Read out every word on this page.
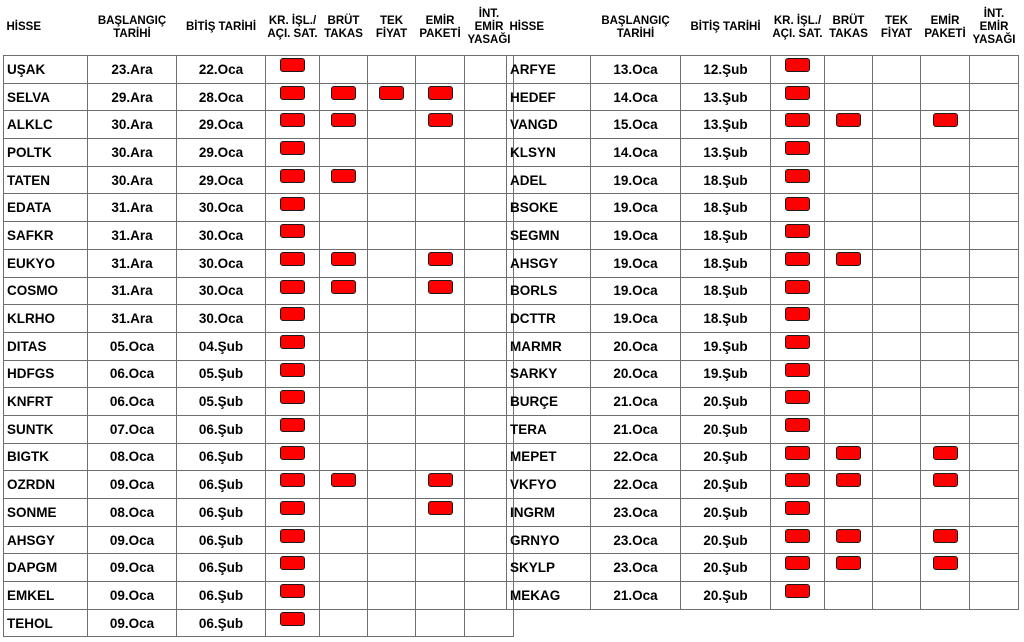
HİSSE	BAŞLANGIÇ TARİHİ	BİTİŞ TARİHİ	KR. İŞL./ AÇI. SAT.	BRÜT TAKAS	TEK FİYAT	EMİR PAKETİ	İNT. EMİR YASAĞI
UŞAK	23.Ara	22.Oca					
SELVA	29.Ara	28.Oca					
ALKLC	30.Ara	29.Oca					
POLTK	30.Ara	29.Oca					
TATEN	30.Ara	29.Oca					
EDATA	31.Ara	30.Oca					
SAFKR	31.Ara	30.Oca					
EUKYO	31.Ara	30.Oca					
COSMO	31.Ara	30.Oca					
KLRHO	31.Ara	30.Oca					
DITAS	05.Oca	04.Şub					
HDFGS	06.Oca	05.Şub					
KNFRT	06.Oca	05.Şub					
SUNTK	07.Oca	06.Şub					
BIGTK	08.Oca	06.Şub					
OZRDN	09.Oca	06.Şub					
SONME	08.Oca	06.Şub					
AHSGY	09.Oca	06.Şub					
DAPGM	09.Oca	06.Şub					
EMKEL	09.Oca	06.Şub					
TEHOL	09.Oca	06.Şub					
HİSSE	BAŞLANGIÇ TARİHİ	BİTİŞ TARİHİ	KR. İŞL./ AÇI. SAT.	BRÜT TAKAS	TEK FİYAT	EMİR PAKETİ	İNT. EMİR YASAĞI
ARFYE	13.Oca	12.Şub					
HEDEF	14.Oca	13.Şub					
VANGD	15.Oca	13.Şub					
KLSYN	14.Oca	13.Şub					
ADEL	19.Oca	18.Şub					
BSOKE	19.Oca	18.Şub					
SEGMN	19.Oca	18.Şub					
AHSGY	19.Oca	18.Şub					
BORLS	19.Oca	18.Şub					
DCTTR	19.Oca	18.Şub					
MARMR	20.Oca	19.Şub					
SARKY	20.Oca	19.Şub					
BURÇE	21.Oca	20.Şub					
TERA	21.Oca	20.Şub					
MEPET	22.Oca	20.Şub					
VKFYO	22.Oca	20.Şub					
INGRM	23.Oca	20.Şub					
GRNYO	23.Oca	20.Şub					
SKYLP	23.Oca	20.Şub					
MEKAG	21.Oca	20.Şub					
